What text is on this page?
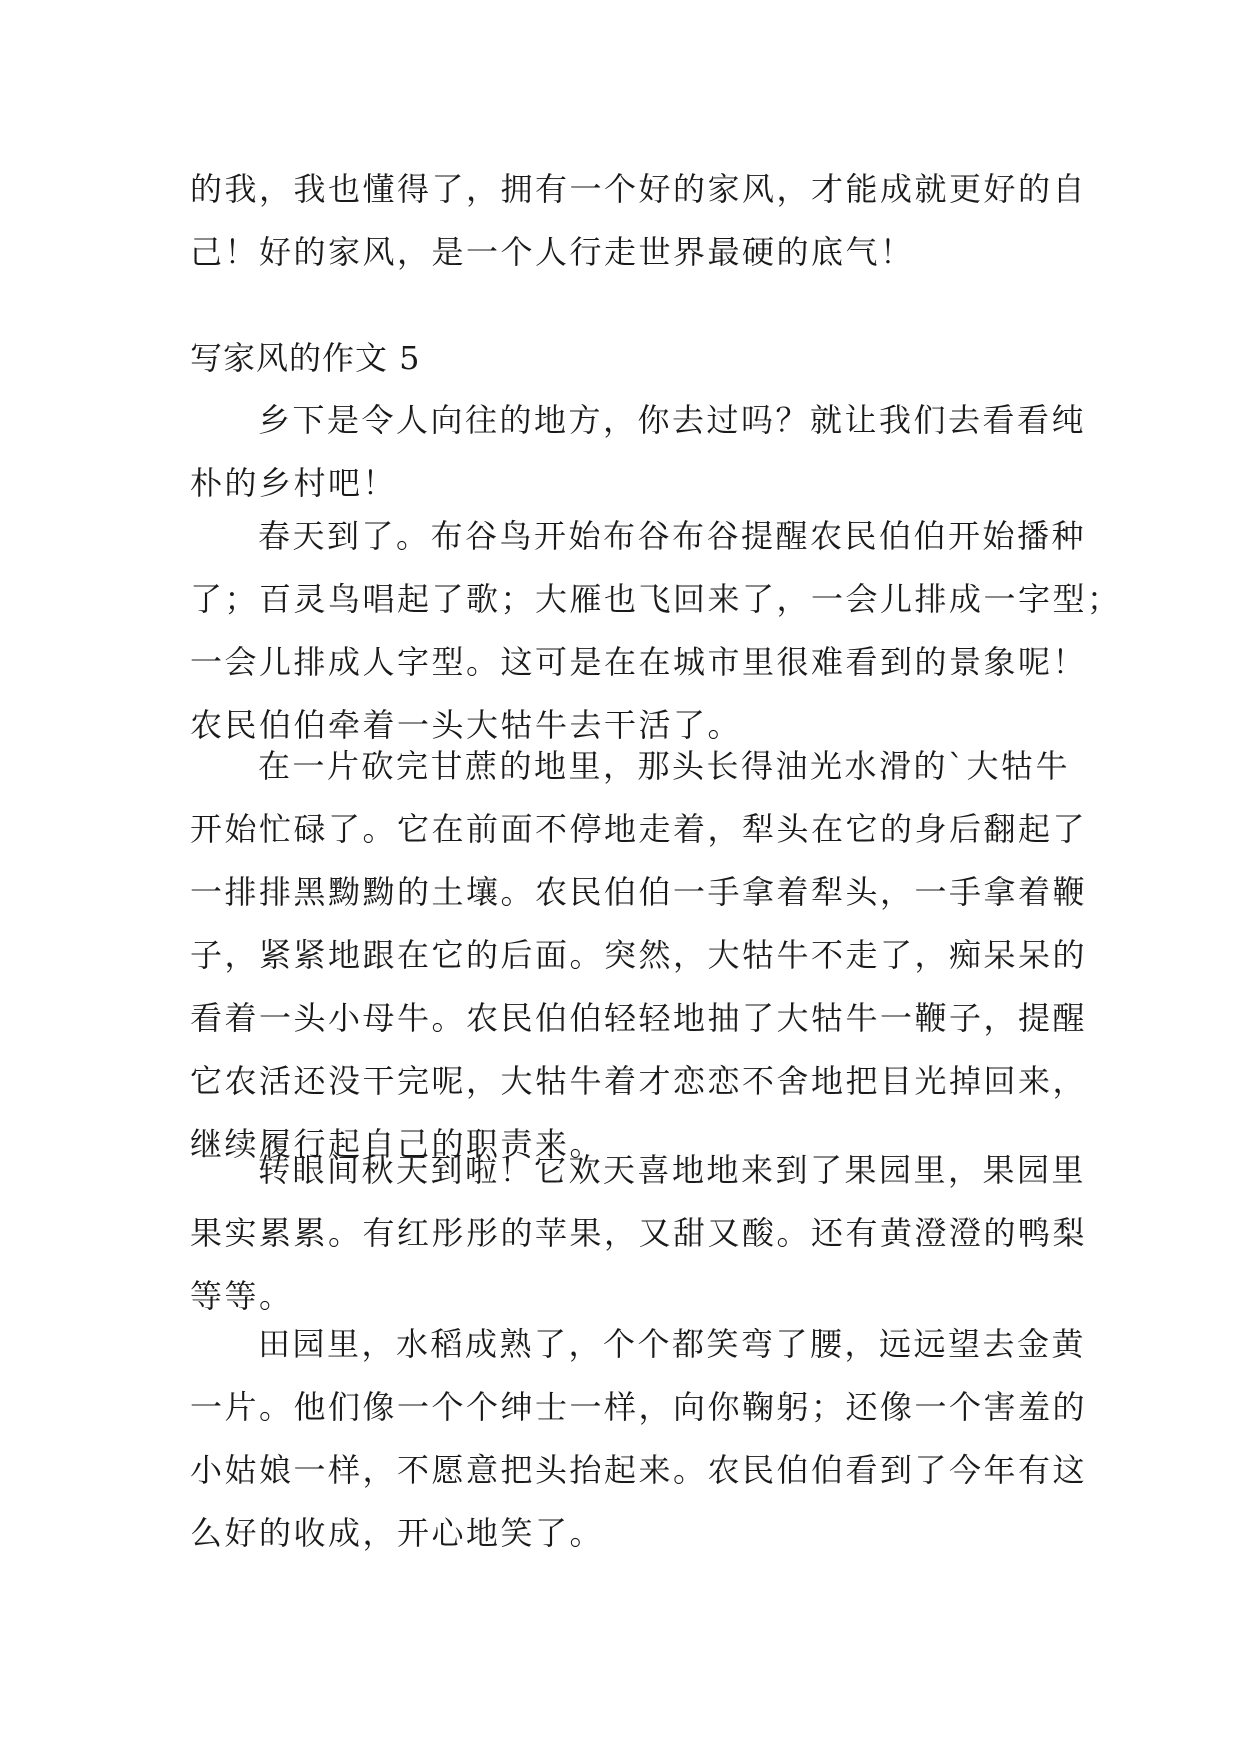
的我，我也懂得了，拥有一个好的家风，才能成就更好的自
己！好的家风，是一个人行走世界最硬的底气！
写家风的作文 5
乡下是令人向往的地方，你去过吗？就让我们去看看纯
朴的乡村吧！
春天到了。布谷鸟开始布谷布谷提醒农民伯伯开始播种
了；百灵鸟唱起了歌；大雁也飞回来了，一会儿排成一字型；
一会儿排成人字型。这可是在在城市里很难看到的景象呢！
农民伯伯牵着一头大牯牛去干活了。
在一片砍完甘蔗的地里，那头长得油光水滑的`大牯牛
开始忙碌了。它在前面不停地走着，犁头在它的身后翻起了
一排排黑黝黝的土壤。农民伯伯一手拿着犁头，一手拿着鞭
子，紧紧地跟在它的后面。突然，大牯牛不走了，痴呆呆的
看着一头小母牛。农民伯伯轻轻地抽了大牯牛一鞭子，提醒
它农活还没干完呢，大牯牛着才恋恋不舍地把目光掉回来，
继续履行起自己的职责来。
转眼间秋天到啦！它欢天喜地地来到了果园里，果园里
果实累累。有红彤彤的苹果，又甜又酸。还有黄澄澄的鸭梨
等等。
田园里，水稻成熟了，个个都笑弯了腰，远远望去金黄
一片。他们像一个个绅士一样，向你鞠躬；还像一个害羞的
小姑娘一样，不愿意把头抬起来。农民伯伯看到了今年有这
么好的收成，开心地笑了。
